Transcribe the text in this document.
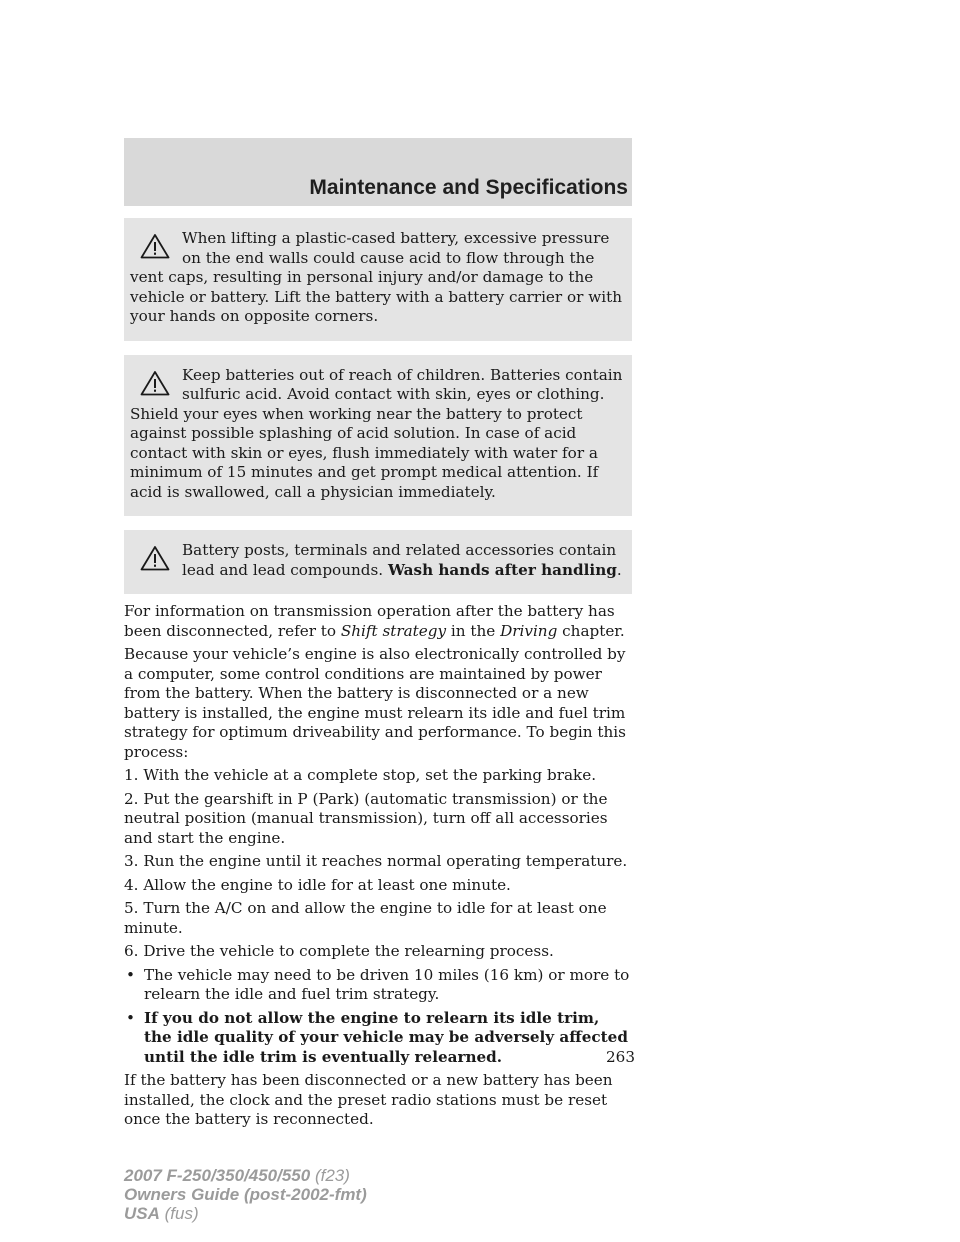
Maintenance and Specifications

When lifting a plastic-cased battery, excessive pressure on the end walls could cause acid to flow through the vent caps, resulting in personal injury and/or damage to the vehicle or battery. Lift the battery with a battery carrier or with your hands on opposite corners.

Keep batteries out of reach of children. Batteries contain sulfuric acid. Avoid contact with skin, eyes or clothing. Shield your eyes when working near the battery to protect against possible splashing of acid solution. In case of acid contact with skin or eyes, flush immediately with water for a minimum of 15 minutes and get prompt medical attention. If acid is swallowed, call a physician immediately.

Battery posts, terminals and related accessories contain lead and lead compounds. Wash hands after handling.

For information on transmission operation after the battery has been disconnected, refer to Shift strategy in the Driving chapter.

Because your vehicle’s engine is also electronically controlled by a computer, some control conditions are maintained by power from the battery. When the battery is disconnected or a new battery is installed, the engine must relearn its idle and fuel trim strategy for optimum driveability and performance. To begin this process:

1. With the vehicle at a complete stop, set the parking brake.

2. Put the gearshift in P (Park) (automatic transmission) or the neutral position (manual transmission), turn off all accessories and start the engine.

3. Run the engine until it reaches normal operating temperature.

4. Allow the engine to idle for at least one minute.

5. Turn the A/C on and allow the engine to idle for at least one minute.

6. Drive the vehicle to complete the relearning process.

• The vehicle may need to be driven 10 miles (16 km) or more to relearn the idle and fuel trim strategy.
• If you do not allow the engine to relearn its idle trim, the idle quality of your vehicle may be adversely affected until the idle trim is eventually relearned.

If the battery has been disconnected or a new battery has been installed, the clock and the preset radio stations must be reset once the battery is reconnected.

263

2007 F-250/350/450/550 (f23)
Owners Guide (post-2002-fmt)
USA (fus)
